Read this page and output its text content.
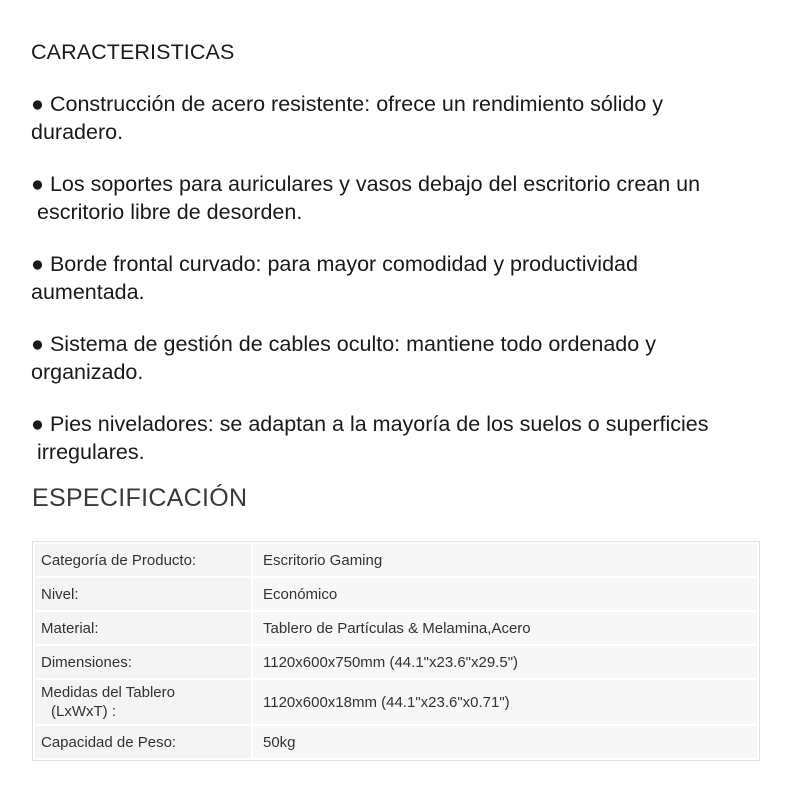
CARACTERISTICAS

● Construcción de acero resistente: ofrece un rendimiento sólido y
duradero.

● Los soportes para auriculares y vasos debajo del escritorio crean un
escritorio libre de desorden.

● Borde frontal curvado: para mayor comodidad y productividad
aumentada.

● Sistema de gestión de cables oculto: mantiene todo ordenado y
organizado.

● Pies niveladores: se adaptan a la mayoría de los suelos o superficies
irregulares.

ESPECIFICACIÓN
Categoría de Producto:	Escritorio Gaming
Nivel:	Económico
Material:	Tablero de Partículas & Melamina,Acero
Dimensiones:	1120x600x750mm (44.1"x23.6"x29.5")
Medidas del Tablero
(LxWxT) :	1120x600x18mm (44.1"x23.6"x0.71")
Capacidad de Peso:	50kg
